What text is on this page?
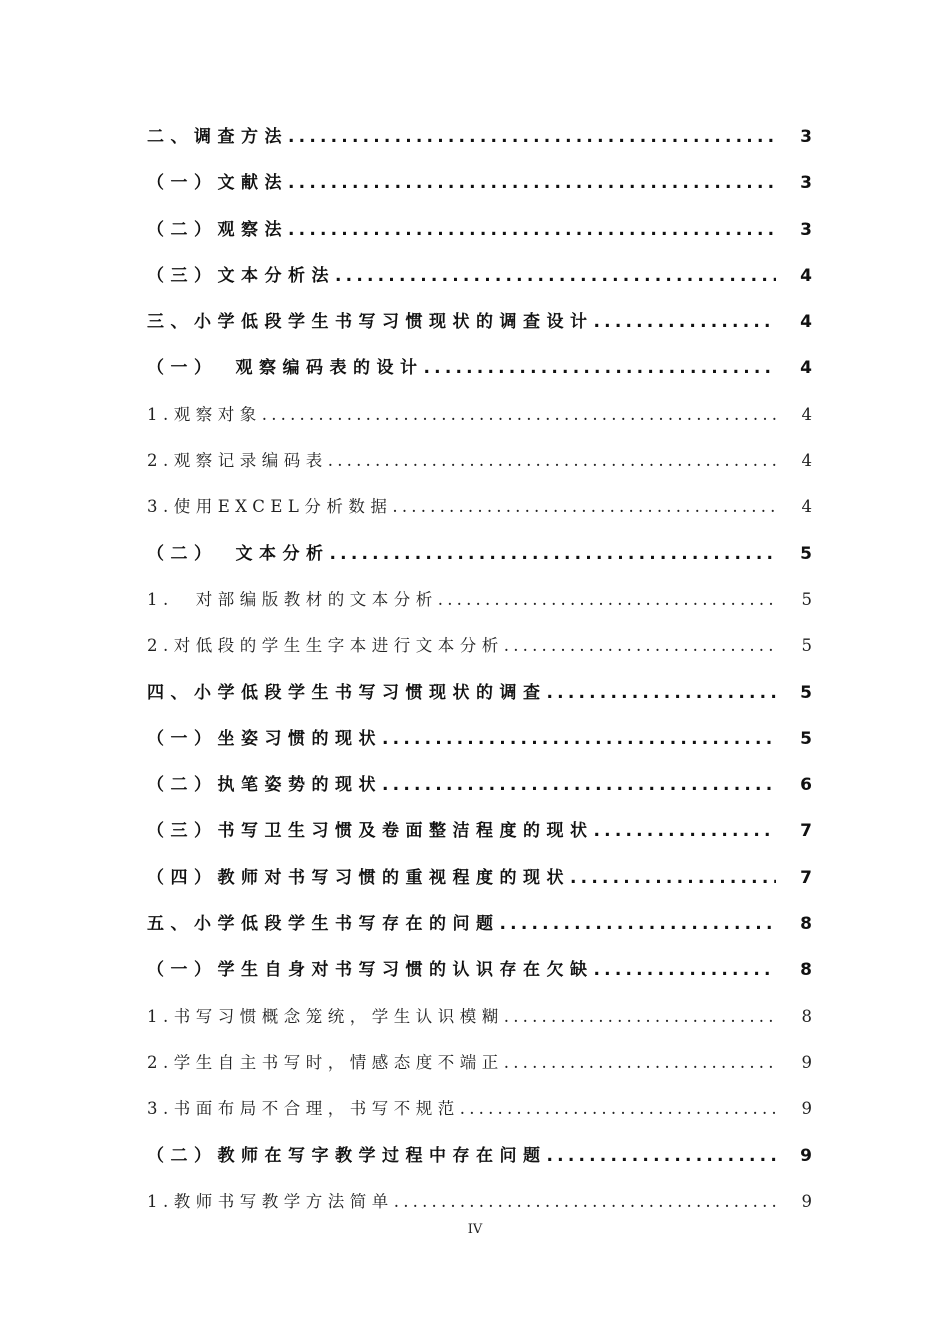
二、调查方法 .....	3
（一）文献法 .....	3
（二）观察法 .....	3
（三）文本分析法 .....	4
三、小学低段学生书写习惯现状的调查设计 .....	4
（一） 观察编码表的设计 .....	4
1.观察对象 .....	4
2.观察记录编码表 .....	4
3.使用EXCEL分析数据 .....	4
（二） 文本分析 .....	5
1. 对部编版教材的文本分析 .....	5
2.对低段的学生生字本进行文本分析 .....	5
四、小学低段学生书写习惯现状的调查 .....	5
（一）坐姿习惯的现状 .....	5
（二）执笔姿势的现状 .....	6
（三）书写卫生习惯及卷面整洁程度的现状 .....	7
（四）教师对书写习惯的重视程度的现状 .....	7
五、小学低段学生书写存在的问题 .....	8
（一）学生自身对书写习惯的认识存在欠缺 .....	8
1.书写习惯概念笼统，学生认识模糊 .....	8
2.学生自主书写时，情感态度不端正 .....	9
3.书面布局不合理，书写不规范 .....	9
（二）教师在写字教学过程中存在问题 .....	9
1.教师书写教学方法简单 .....	9
IV
